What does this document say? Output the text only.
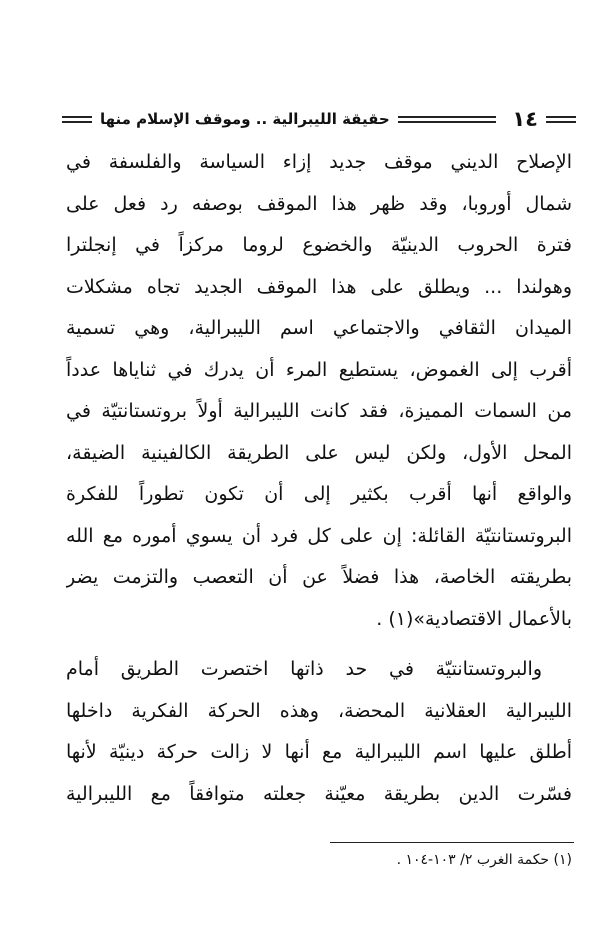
١٤
حقيقة الليبرالية .. وموقف الإسلام منها
الإصلاح الديني موقف جديد إزاء السياسة والفلسفة في
شمال أوروبا، وقد ظهر هذا الموقف بوصفه رد فعل على
فترة الحروب الدينيّة والخضوع لروما مركزاً في إنجلترا
وهولندا ... ويطلق على هذا الموقف الجديد تجاه مشكلات
الميدان الثقافي والاجتماعي اسم الليبرالية، وهي تسمية
أقرب إلى الغموض، يستطيع المرء أن يدرك في ثناياها عدداً
من السمات المميزة، فقد كانت الليبرالية أولاً بروتستانتيّة في
المحل الأول، ولكن ليس على الطريقة الكالفينية الضيقة،
والواقع أنها أقرب بكثير إلى أن تكون تطوراً للفكرة
البروتستانتيّة القائلة: إن على كل فرد أن يسوي أموره مع الله
بطريقته الخاصة، هذا فضلاً عن أن التعصب والتزمت يضر
بالأعمال الاقتصادية»(١) .
والبروتستانتيّة في حد ذاتها اختصرت الطريق أمام
الليبرالية العقلانية المحضة، وهذه الحركة الفكرية داخلها
أطلق عليها اسم الليبرالية مع أنها لا زالت حركة دينيّة لأنها
فسّرت الدين بطريقة معيّنة جعلته متوافقاً مع الليبرالية
(١) حكمة الغرب ٢/ ١٠٣-١٠٤ .
